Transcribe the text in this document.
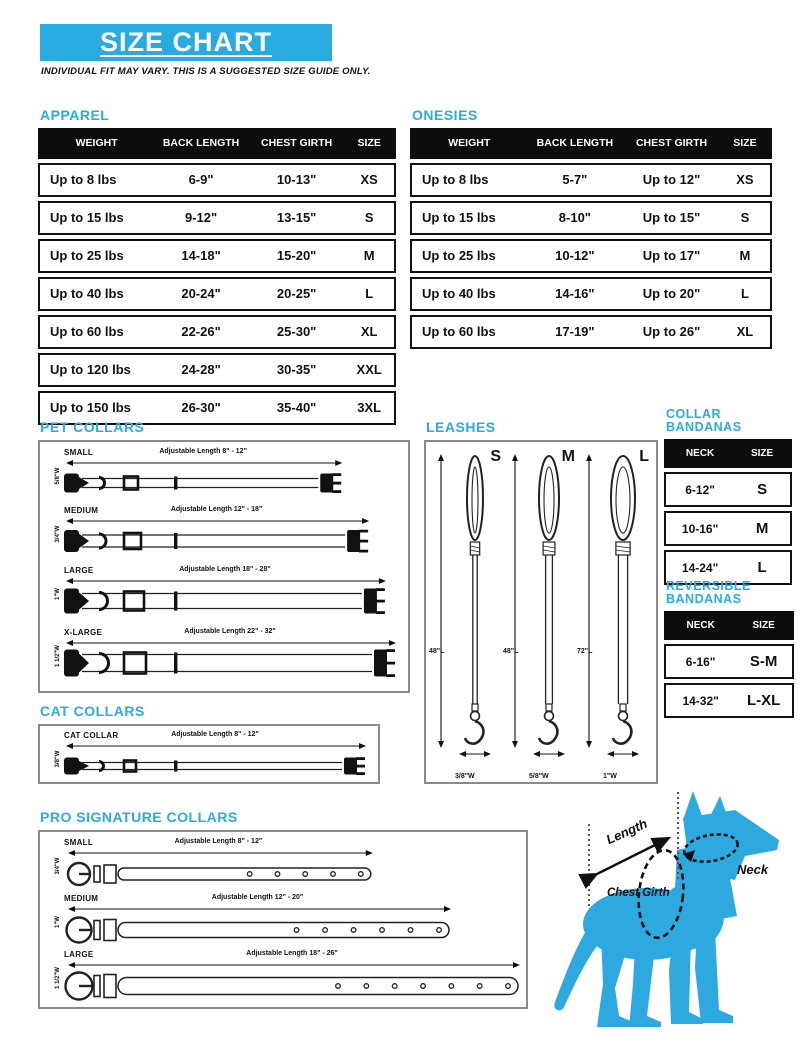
SIZE CHART
INDIVIDUAL FIT MAY VARY. THIS IS A SUGGESTED SIZE GUIDE ONLY.
APPAREL
WEIGHT	BACK LENGTH	CHEST GIRTH	SIZE
Up to 8 lbs	6-9"	10-13"	XS
Up to 15 lbs	9-12"	13-15"	S
Up to 25 lbs	14-18"	15-20"	M
Up to 40 lbs	20-24"	20-25"	L
Up to 60 lbs	22-26"	25-30"	XL
Up to 120 lbs	24-28"	30-35"	XXL
Up to 150 lbs	26-30"	35-40"	3XL
ONESIES
WEIGHT	BACK LENGTH	CHEST GIRTH	SIZE
Up to 8 lbs	5-7"	Up to 12"	XS
Up to 15 lbs	8-10"	Up to 15"	S
Up to 25 lbs	10-12"	Up to 17"	M
Up to 40 lbs	14-16"	Up to 20"	L
Up to 60 lbs	17-19"	Up to 26"	XL
PET COLLARS
SMALL	Adjustable Length 8" - 12"
5/8"W
MEDIUM	Adjustable Length 12" - 18"
3/4"W
LARGE	Adjustable Length 18" - 28"
1"W
X-LARGE	Adjustable Length 22" - 32"
1 1/2"W
LEASHES
S
48"L
3/8"W
M
48"L
5/8"W
L
72"L
1"W
COLLAR BANDANAS
NECK	SIZE
6-12"	S
10-16"	M
14-24"	L
REVERSIBLE BANDANAS
NECK	SIZE
6-16"	S-M
14-32"	L-XL
CAT COLLARS
CAT COLLAR	Adjustable Length 8" - 12"
3/8"W
PRO SIGNATURE COLLARS
SMALL	Adjustable Length 8" - 12"
3/4"W
MEDIUM	Adjustable Length 12" - 20"
1"W
LARGE	Adjustable Length 18" - 26"
1 1/2"W
Length
Neck
Chest Girth
